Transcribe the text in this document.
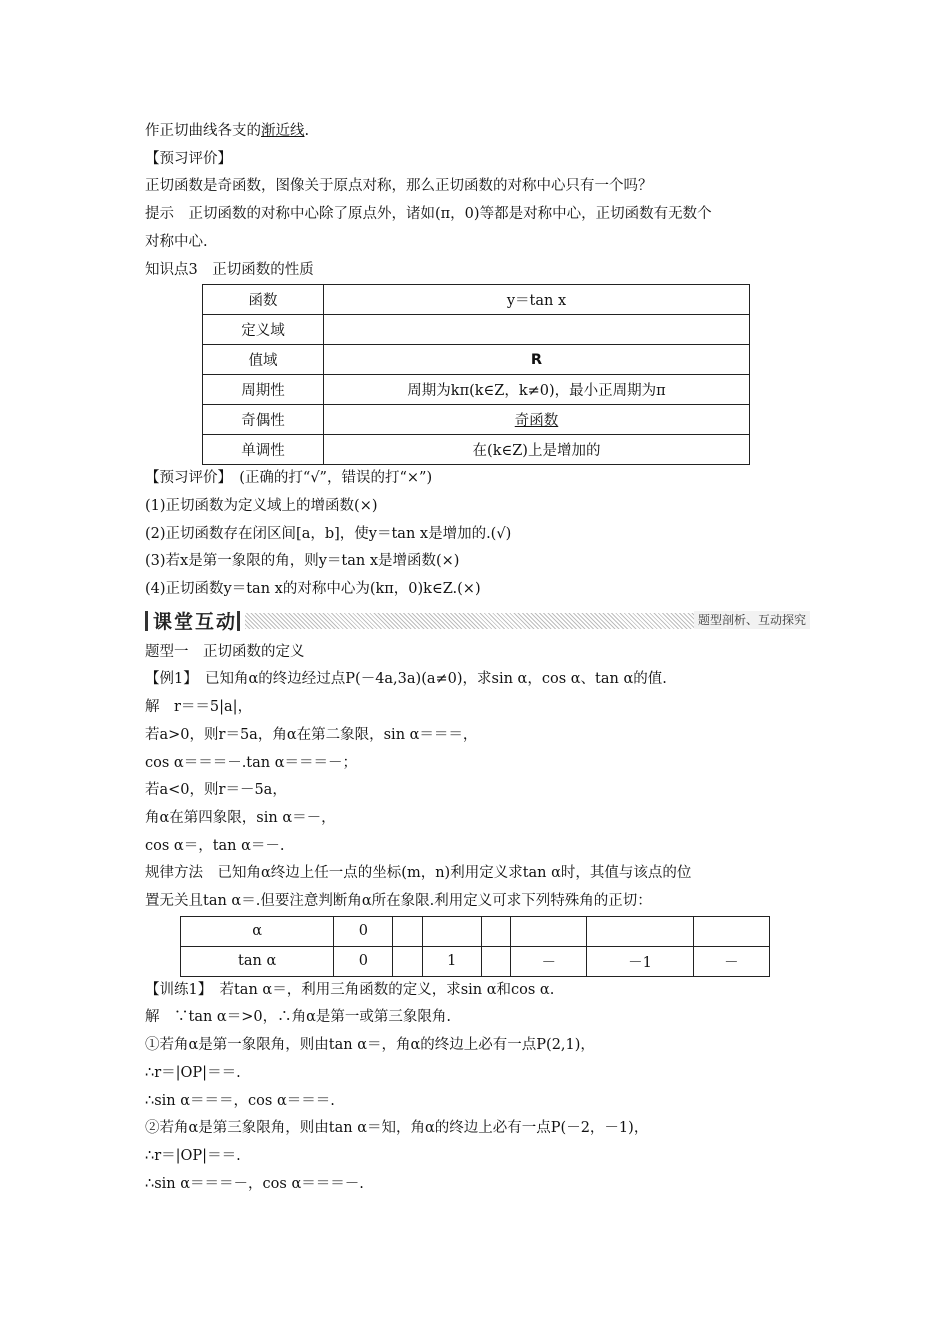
作正切曲线各支的渐近线.
【预习评价】
正切函数是奇函数，图像关于原点对称，那么正切函数的对称中心只有一个吗？
提示　正切函数的对称中心除了原点外，诸如(π，0)等都是对称中心，正切函数有无数个
对称中心.
知识点3　正切函数的性质
函数	y＝tan x
定义域	
值域	R
周期性	周期为kπ(k∈Z，k≠0)，最小正周期为π
奇偶性	奇函数
单调性	在(k∈Z)上是增加的
【预习评价】　(正确的打“√”，错误的打“×”)
(1)正切函数为定义域上的增函数(×)
(2)正切函数存在闭区间[a，b]，使y＝tan x是增加的.(√)
(3)若x是第一象限的角，则y＝tan x是增函数(×)
(4)正切函数y＝tan x的对称中心为(kπ，0)k∈Z.(×)
课堂互动	题型剖析、互动探究
题型一　正切函数的定义
【例1】　已知角α的终边经过点P(－4a,3a)(a≠0)，求sin α，cos α、tan α的值.
解　r＝＝5|a|，
若a>0，则r＝5a，角α在第二象限，sin α＝＝＝，
cos α＝＝＝－.tan α＝＝＝－；
若a<0，则r＝－5a，
角α在第四象限，sin α＝－，
cos α＝，tan α＝－.
规律方法　已知角α终边上任一点的坐标(m，n)利用定义求tan α时，其值与该点的位
置无关且tan α＝.但要注意判断角α所在象限.利用定义可求下列特殊角的正切：
α	0						
tan α	0		1		－	－1	－
【训练1】　若tan α＝，利用三角函数的定义，求sin α和cos α.
解　∵tan α＝>0，∴角α是第一或第三象限角.
①若角α是第一象限角，则由tan α＝，角α的终边上必有一点P(2,1)，
∴r＝|OP|＝＝.
∴sin α＝＝＝，cos α＝＝＝.
②若角α是第三象限角，则由tan α＝知，角α的终边上必有一点P(－2，－1)，
∴r＝|OP|＝＝.
∴sin α＝＝＝－，cos α＝＝＝－.
